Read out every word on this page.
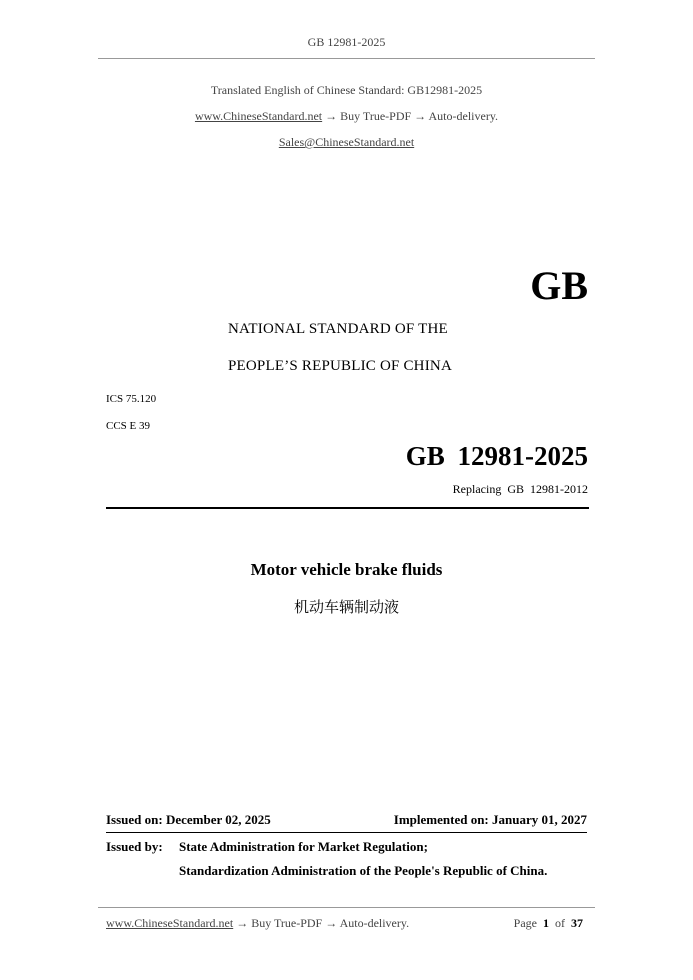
GB 12981-2025
Translated English of Chinese Standard: GB12981-2025
www.ChineseStandard.net → Buy True-PDF → Auto-delivery.
Sales@ChineseStandard.net
GB
NATIONAL STANDARD OF THE
PEOPLE’S REPUBLIC OF CHINA
ICS 75.120
CCS E 39
GB 12981-2025
Replacing GB 12981-2012
Motor vehicle brake fluids
机动车辆制动液
Issued on: December 02, 2025	Implemented on: January 01, 2027
Issued by: State Administration for Market Regulation;
Standardization Administration of the People's Republic of China.
www.ChineseStandard.net → Buy True-PDF → Auto-delivery.	Page 1 of 37
